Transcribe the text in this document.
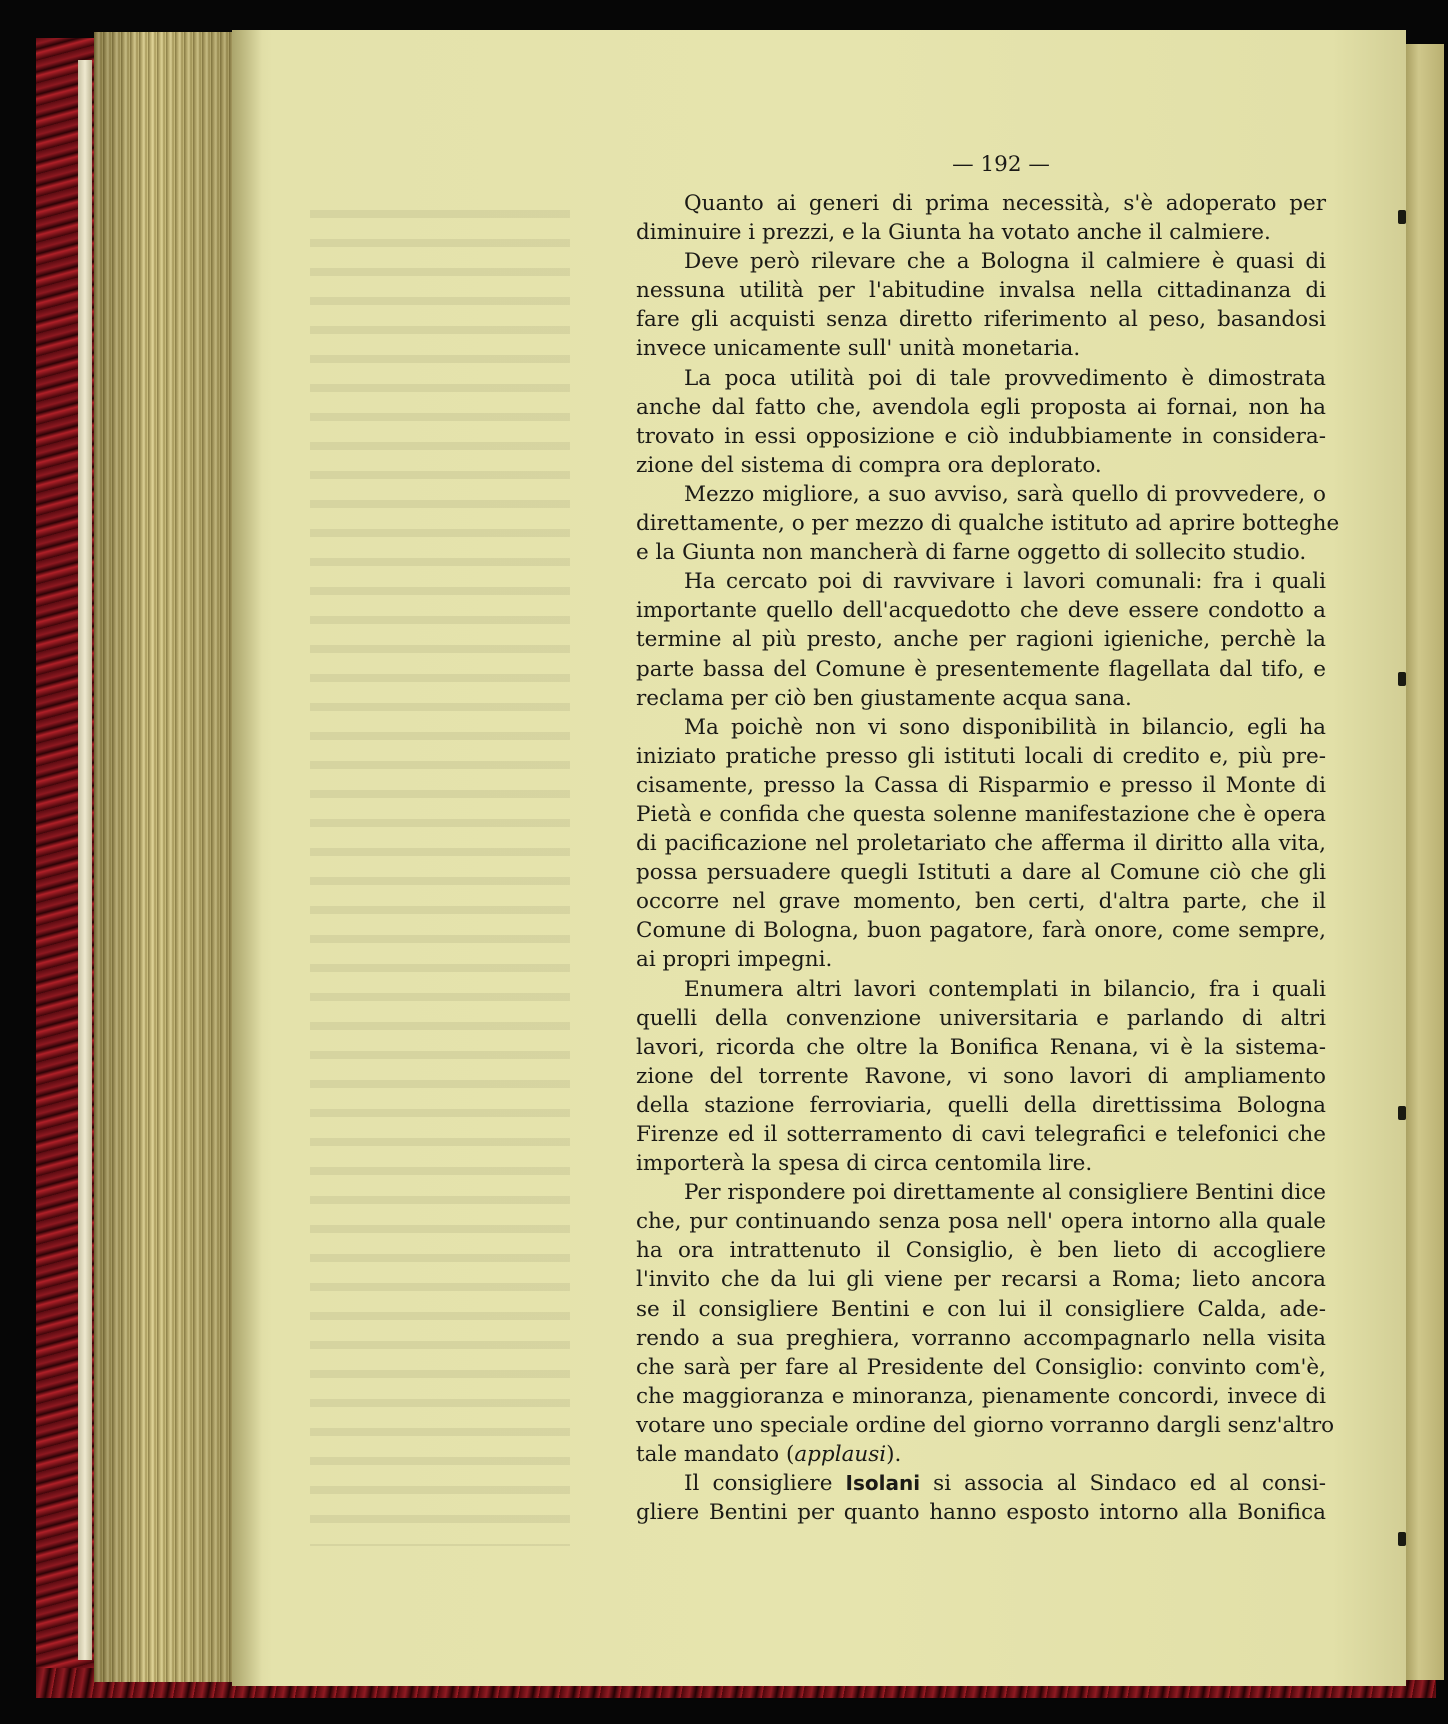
— 192 —
Quanto ai generi di prima necessità, s'è adoperato per
diminuire i prezzi, e la Giunta ha votato anche il calmiere.
Deve però rilevare che a Bologna il calmiere è quasi di
nessuna utilità per l'abitudine invalsa nella cittadinanza di
fare gli acquisti senza diretto riferimento al peso, basandosi
invece unicamente sull' unità monetaria.
La poca utilità poi di tale provvedimento è dimostrata
anche dal fatto che, avendola egli proposta ai fornai, non ha
trovato in essi opposizione e ciò indubbiamente in considera-
zione del sistema di compra ora deplorato.
Mezzo migliore, a suo avviso, sarà quello di provvedere, o
direttamente, o per mezzo di qualche istituto ad aprire botteghe
e la Giunta non mancherà di farne oggetto di sollecito studio.
Ha cercato poi di ravvivare i lavori comunali: fra i quali
importante quello dell'acquedotto che deve essere condotto a
termine al più presto, anche per ragioni igieniche, perchè la
parte bassa del Comune è presentemente flagellata dal tifo, e
reclama per ciò ben giustamente acqua sana.
Ma poichè non vi sono disponibilità in bilancio, egli ha
iniziato pratiche presso gli istituti locali di credito e, più pre-
cisamente, presso la Cassa di Risparmio e presso il Monte di
Pietà e confida che questa solenne manifestazione che è opera
di pacificazione nel proletariato che afferma il diritto alla vita,
possa persuadere quegli Istituti a dare al Comune ciò che gli
occorre nel grave momento, ben certi, d'altra parte, che il
Comune di Bologna, buon pagatore, farà onore, come sempre,
ai propri impegni.
Enumera altri lavori contemplati in bilancio, fra i quali
quelli della convenzione universitaria e parlando di altri
lavori, ricorda che oltre la Bonifica Renana, vi è la sistema-
zione del torrente Ravone, vi sono lavori di ampliamento
della stazione ferroviaria, quelli della direttissima Bologna
Firenze ed il sotterramento di cavi telegrafici e telefonici che
importerà la spesa di circa centomila lire.
Per rispondere poi direttamente al consigliere Bentini dice
che, pur continuando senza posa nell' opera intorno alla quale
ha ora intrattenuto il Consiglio, è ben lieto di accogliere
l'invito che da lui gli viene per recarsi a Roma; lieto ancora
se il consigliere Bentini e con lui il consigliere Calda, ade-
rendo a sua preghiera, vorranno accompagnarlo nella visita
che sarà per fare al Presidente del Consiglio: convinto com'è,
che maggioranza e minoranza, pienamente concordi, invece di
votare uno speciale ordine del giorno vorranno dargli senz'altro
tale mandato (applausi).
Il consigliere Isolani si associa al Sindaco ed al consi-
gliere Bentini per quanto hanno esposto intorno alla Bonifica
